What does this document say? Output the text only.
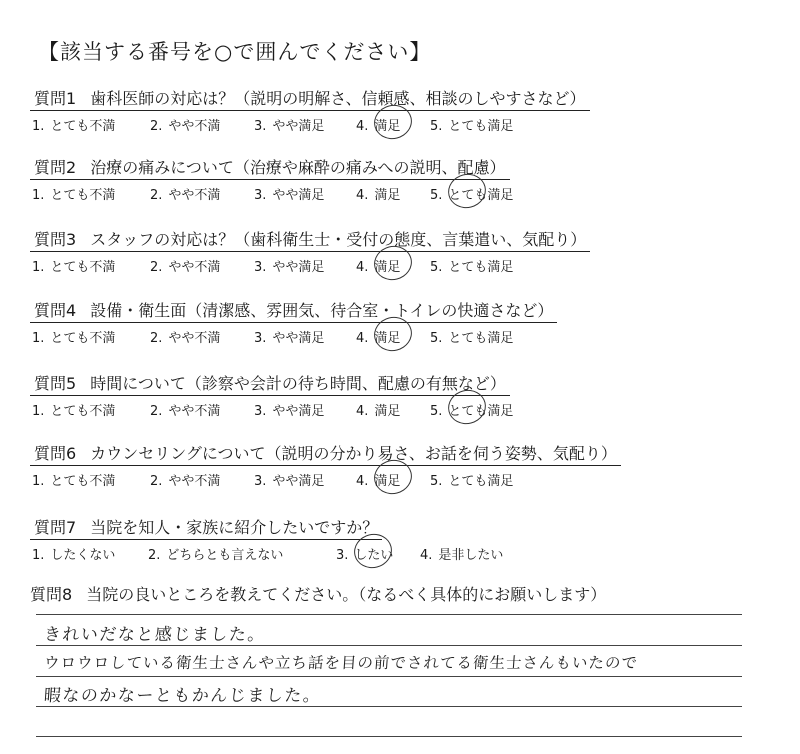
【該当する番号を○で囲んでください】
質問1 歯科医師の対応は？（説明の明解さ、信頼感、相談のしやすさなど）
1. とても不満	2. やや不満	3. やや満足 4. 満足 5. とても満足
質問2 治療の痛みについて（治療や麻酔の痛みへの説明、配慮）
1. とても不満	2. やや不満	3. やや満足 4. 満足 5. とても満足
質問3 スタッフの対応は？（歯科衛生士・受付の態度、言葉遣い、気配り）
1. とても不満	2. やや不満	3. やや満足 4. 満足 5. とても満足
質問4 設備・衛生面（清潔感、雰囲気、待合室・トイレの快適さなど）
1. とても不満	2. やや不満	3. やや満足 4. 満足 5. とても満足
質問5 時間について（診察や会計の待ち時間、配慮の有無など）
1. とても不満	2. やや不満	3. やや満足 4. 満足 5. とても満足
質問6 カウンセリングについて（説明の分かり易さ、お話を伺う姿勢、気配り）
1. とても不満	2. やや不満	3. やや満足 4. 満足 5. とても満足
質問7 当院を知人・家族に紹介したいですか？
1. したくない	2. どちらとも言えない	3. したい 4. 是非したい
質問8 当院の良いところを教えてください。（なるべく具体的にお願いします）
きれいだなと感じました。
ウロウロしている衛生士さんや立ち話を目の前でされてる衛生士さんもいたので
暇なのかなーともかんじました。
